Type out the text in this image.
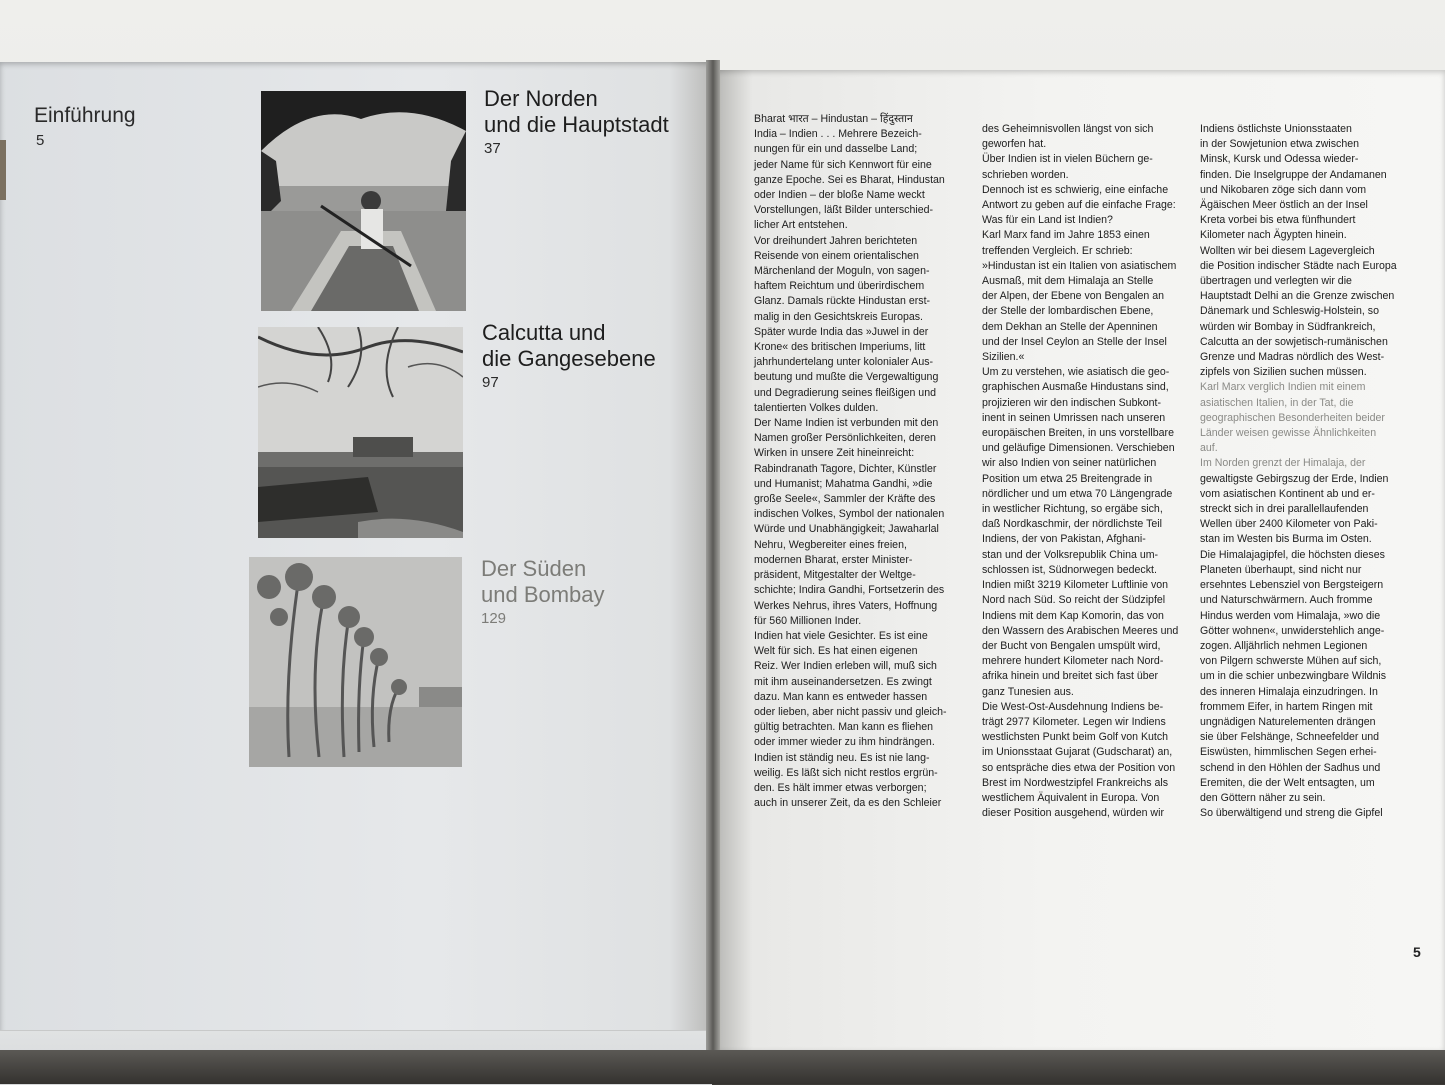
Einführung
5
Der Norden
und die Hauptstadt
37
Calcutta und
die Gangesebene
97
Der Süden
und Bombay
129

Bharat भारत – Hindustan – हिंदुस्तान

India – Indien . . . Mehrere Bezeich-

nungen für ein und dasselbe Land;

jeder Name für sich Kennwort für eine

ganze Epoche. Sei es Bharat, Hindustan

oder Indien – der bloße Name weckt

Vorstellungen, läßt Bilder unterschied-

licher Art entstehen.

Vor dreihundert Jahren berichteten

Reisende von einem orientalischen

Märchenland der Moguln, von sagen-

haftem Reichtum und überirdischem

Glanz. Damals rückte Hindustan erst-

malig in den Gesichtskreis Europas.

Später wurde India das »Juwel in der

Krone« des britischen Imperiums, litt

jahrhundertelang unter kolonialer Aus-

beutung und mußte die Vergewaltigung

und Degradierung seines fleißigen und

talentierten Volkes dulden.

Der Name Indien ist verbunden mit den

Namen großer Persönlichkeiten, deren

Wirken in unsere Zeit hineinreicht:

Rabindranath Tagore, Dichter, Künstler

und Humanist; Mahatma Gandhi, »die

große Seele«, Sammler der Kräfte des

indischen Volkes, Symbol der nationalen

Würde und Unabhängigkeit; Jawaharlal

Nehru, Wegbereiter eines freien,

modernen Bharat, erster Minister-

präsident, Mitgestalter der Weltge-

schichte; Indira Gandhi, Fortsetzerin des

Werkes Nehrus, ihres Vaters, Hoffnung

für 560 Millionen Inder.

Indien hat viele Gesichter. Es ist eine

Welt für sich. Es hat einen eigenen

Reiz. Wer Indien erleben will, muß sich

mit ihm auseinandersetzen. Es zwingt

dazu. Man kann es entweder hassen

oder lieben, aber nicht passiv und gleich-

gültig betrachten. Man kann es fliehen

oder immer wieder zu ihm hindrängen.

Indien ist ständig neu. Es ist nie lang-

weilig. Es läßt sich nicht restlos ergrün-

den. Es hält immer etwas verborgen;

auch in unserer Zeit, da es den Schleier

des Geheimnisvollen längst von sich

geworfen hat.

Über Indien ist in vielen Büchern ge-

schrieben worden.

Dennoch ist es schwierig, eine einfache

Antwort zu geben auf die einfache Frage:

Was für ein Land ist Indien?

Karl Marx fand im Jahre 1853 einen

treffenden Vergleich. Er schrieb:

»Hindustan ist ein Italien von asiatischem

Ausmaß, mit dem Himalaja an Stelle

der Alpen, der Ebene von Bengalen an

der Stelle der lombardischen Ebene,

dem Dekhan an Stelle der Apenninen

und der Insel Ceylon an Stelle der Insel

Sizilien.«

Um zu verstehen, wie asiatisch die geo-

graphischen Ausmaße Hindustans sind,

projizieren wir den indischen Subkont-

inent in seinen Umrissen nach unseren

europäischen Breiten, in uns vorstellbare

und geläufige Dimensionen. Verschieben

wir also Indien von seiner natürlichen

Position um etwa 25 Breitengrade in

nördlicher und um etwa 70 Längengrade

in westlicher Richtung, so ergäbe sich,

daß Nordkaschmir, der nördlichste Teil

Indiens, der von Pakistan, Afghani-

stan und der Volksrepublik China um-

schlossen ist, Südnorwegen bedeckt.

Indien mißt 3219 Kilometer Luftlinie von

Nord nach Süd. So reicht der Südzipfel

Indiens mit dem Kap Komorin, das von

den Wassern des Arabischen Meeres und

der Bucht von Bengalen umspült wird,

mehrere hundert Kilometer nach Nord-

afrika hinein und breitet sich fast über

ganz Tunesien aus.

Die West-Ost-Ausdehnung Indiens be-

trägt 2977 Kilometer. Legen wir Indiens

westlichsten Punkt beim Golf von Kutch

im Unionsstaat Gujarat (Gudscharat) an,

so entspräche dies etwa der Position von

Brest im Nordwestzipfel Frankreichs als

westlichem Äquivalent in Europa. Von

dieser Position ausgehend, würden wir

Indiens östlichste Unionsstaaten

in der Sowjetunion etwa zwischen

Minsk, Kursk und Odessa wieder-

finden. Die Inselgruppe der Andamanen

und Nikobaren zöge sich dann vom

Ägäischen Meer östlich an der Insel

Kreta vorbei bis etwa fünfhundert

Kilometer nach Ägypten hinein.

Wollten wir bei diesem Lagevergleich

die Position indischer Städte nach Europa

übertragen und verlegten wir die

Hauptstadt Delhi an die Grenze zwischen

Dänemark und Schleswig-Holstein, so

würden wir Bombay in Südfrankreich,

Calcutta an der sowjetisch-rumänischen

Grenze und Madras nördlich des West-

zipfels von Sizilien suchen müssen.

Karl Marx verglich Indien mit einem

asiatischen Italien, in der Tat, die

geographischen Besonderheiten beider

Länder weisen gewisse Ähnlichkeiten

auf.

Im Norden grenzt der Himalaja, der

gewaltigste Gebirgszug der Erde, Indien

vom asiatischen Kontinent ab und er-

streckt sich in drei parallellaufenden

Wellen über 2400 Kilometer von Paki-

stan im Westen bis Burma im Osten.

Die Himalajagipfel, die höchsten dieses

Planeten überhaupt, sind nicht nur

ersehntes Lebensziel von Bergsteigern

und Naturschwärmern. Auch fromme

Hindus werden vom Himalaja, »wo die

Götter wohnen«, unwiderstehlich ange-

zogen. Alljährlich nehmen Legionen

von Pilgern schwerste Mühen auf sich,

um in die schier unbezwingbare Wildnis

des inneren Himalaja einzudringen. In

frommem Eifer, in hartem Ringen mit

ungnädigen Naturelementen drängen

sie über Felshänge, Schneefelder und

Eiswüsten, himmlischen Segen erhei-

schend in den Höhlen der Sadhus und

Eremiten, die der Welt entsagten, um

den Göttern näher zu sein.

So überwältigend und streng die Gipfel

5
